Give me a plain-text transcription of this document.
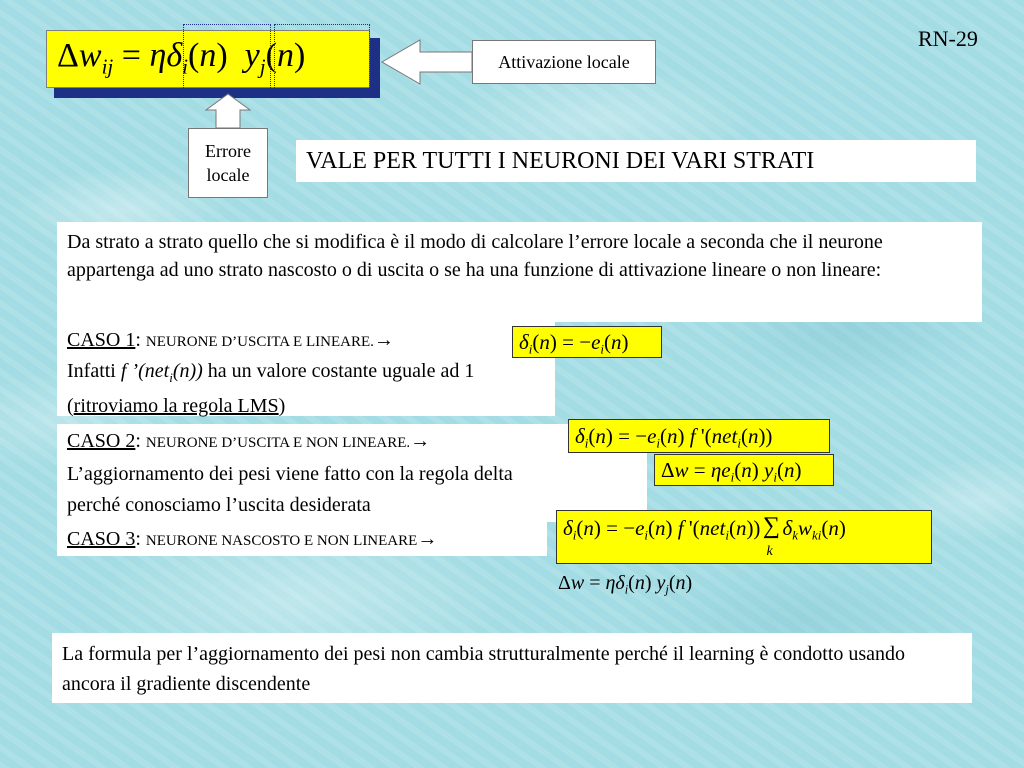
RN-29
$\Delta w_{ij} = \eta\delta_i(n)$  $y_j(n)$	Attivazione locale
Errore
locale
VALE PER TUTTI I NEURONI DEI VARI STRATI
Da strato a strato quello che si modifica è il modo di calcolare l’errore locale a seconda che il neurone appartenga ad uno strato nascosto o di uscita o se ha una funzione di attivazione lineare o non lineare:
CASO 1: NEURONE D’USCITA E LINEARE.→
Infatti f ’(net$_i$(n)) ha un valore costante uguale ad 1 (ritroviamo la regola LMS)
$\delta_i(n) = -e_i(n)$
CASO 2: NEURONE D’USCITA E NON LINEARE.→
L’aggiornamento dei pesi viene fatto con la regola delta
perché conosciamo l’uscita desiderata
$\delta_i(n) = -e_i(n)$ f '(net$_i$(n))
$\Delta w = \eta e_i(n)$ $y_i(n)$
CASO 3: NEURONE NASCOSTO E NON LINEARE→	$\delta_i(n) = -e_i(n)$ f '(net$_i$(n)) ∑
k
$\delta_kw_{ki}(n)$
$\Delta w = \eta\delta_i(n)$ $y_j(n)$
La formula per l’aggiornamento dei pesi non cambia strutturalmente perché il learning è condotto usando ancora il gradiente discendente
